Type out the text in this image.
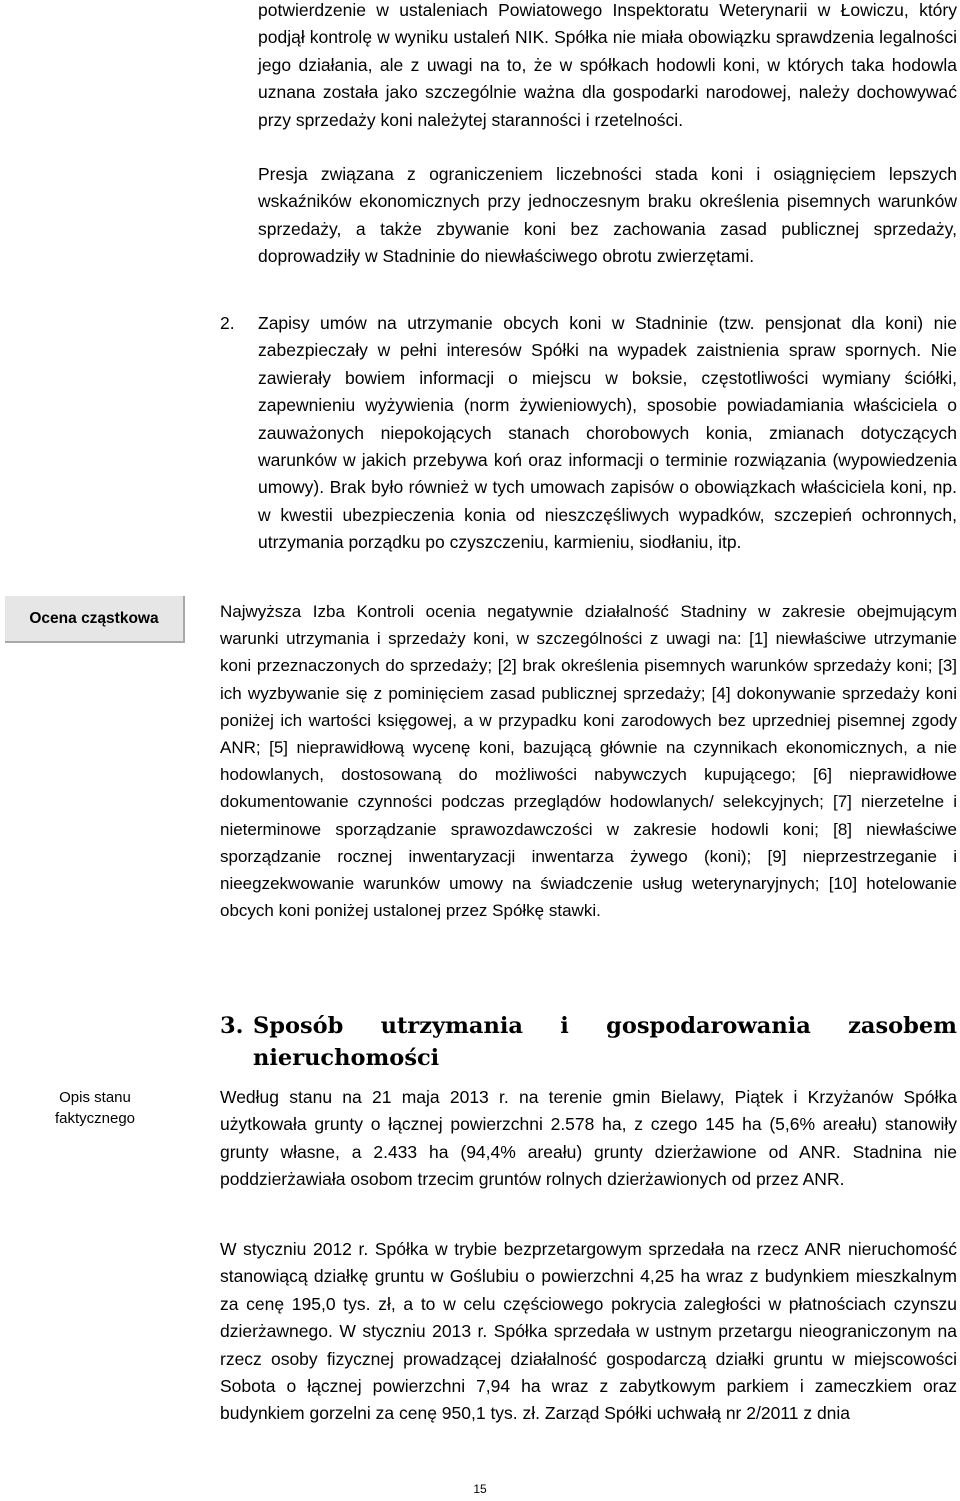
potwierdzenie w ustaleniach Powiatowego Inspektoratu Weterynarii w Łowiczu, który podjął kontrolę w wyniku ustaleń NIK. Spółka nie miała obowiązku sprawdzenia legalności jego działania, ale z uwagi na to, że w spółkach hodowli koni, w których taka hodowla uznana została jako szczególnie ważna dla gospodarki narodowej, należy dochowywać przy sprzedaży koni należytej staranności i rzetelności.

Presja związana z ograniczeniem liczebności stada koni i osiągnięciem lepszych wskaźników ekonomicznych przy jednoczesnym braku określenia pisemnych warunków sprzedaży, a także zbywanie koni bez zachowania zasad publicznej sprzedaży, doprowadziły w Stadninie do niewłaściwego obrotu zwierzętami.

2. Zapisy umów na utrzymanie obcych koni w Stadninie (tzw. pensjonat dla koni) nie zabezpieczały w pełni interesów Spółki na wypadek zaistnienia spraw spornych. Nie zawierały bowiem informacji o miejscu w boksie, częstotliwości wymiany ściółki, zapewnieniu wyżywienia (norm żywieniowych), sposobie powiadamiania właściciela o zauważonych niepokojących stanach chorobowych konia, zmianach dotyczących warunków w jakich przebywa koń oraz informacji o terminie rozwiązania (wypowiedzenia umowy). Brak było również w tych umowach zapisów o obowiązkach właściciela koni, np. w kwestii ubezpieczenia konia od nieszczęśliwych wypadków, szczepień ochronnych, utrzymania porządku po czyszczeniu, karmieniu, siodłaniu, itp.

Ocena cząstkowa	Najwyższa Izba Kontroli ocenia negatywnie działalność Stadniny w zakresie obejmującym warunki utrzymania i sprzedaży koni, w szczególności z uwagi na: [1] niewłaściwe utrzymanie koni przeznaczonych do sprzedaży; [2] brak określenia pisemnych warunków sprzedaży koni; [3] ich wyzbywanie się z pominięciem zasad publicznej sprzedaży; [4] dokonywanie sprzedaży koni poniżej ich wartości księgowej, a w przypadku koni zarodowych bez uprzedniej pisemnej zgody ANR; [5] nieprawidłową wycenę koni, bazującą głównie na czynnikach ekonomicznych, a nie hodowlanych, dostosowaną do możliwości nabywczych kupującego; [6] nieprawidłowe dokumentowanie czynności podczas przeglądów hodowlanych/ selekcyjnych; [7] nierzetelne i nieterminowe sporządzanie sprawozdawczości w zakresie hodowli koni; [8] niewłaściwe sporządzanie rocznej inwentaryzacji inwentarza żywego (koni); [9] nieprzestrzeganie i nieegzekwowanie warunków umowy na świadczenie usług weterynaryjnych; [10] hotelowanie obcych koni poniżej ustalonej przez Spółkę stawki.

3. Sposób utrzymania i gospodarowania zasobem nieruchomości
Opis stanu
faktycznego

Według stanu na 21 maja 2013 r. na terenie gmin Bielawy, Piątek i Krzyżanów Spółka użytkowała grunty o łącznej powierzchni 2.578 ha, z czego 145 ha (5,6% areału) stanowiły grunty własne, a 2.433 ha (94,4% areału) grunty dzierżawione od ANR. Stadnina nie poddzierżawiała osobom trzecim gruntów rolnych dzierżawionych od przez ANR.

W styczniu 2012 r. Spółka w trybie bezprzetargowym sprzedała na rzecz ANR nieruchomość stanowiącą działkę gruntu w Goślubiu o powierzchni 4,25 ha wraz z budynkiem mieszkalnym za cenę 195,0 tys. zł, a to w celu częściowego pokrycia zaległości w płatnościach czynszu dzierżawnego. W styczniu 2013 r. Spółka sprzedała w ustnym przetargu nieograniczonym na rzecz osoby fizycznej prowadzącej działalność gospodarczą działki gruntu w miejscowości Sobota o łącznej powierzchni 7,94 ha wraz z zabytkowym parkiem i zameczkiem oraz budynkiem gorzelni za cenę 950,1 tys. zł. Zarząd Spółki uchwałą nr 2/2011 z dnia

15
